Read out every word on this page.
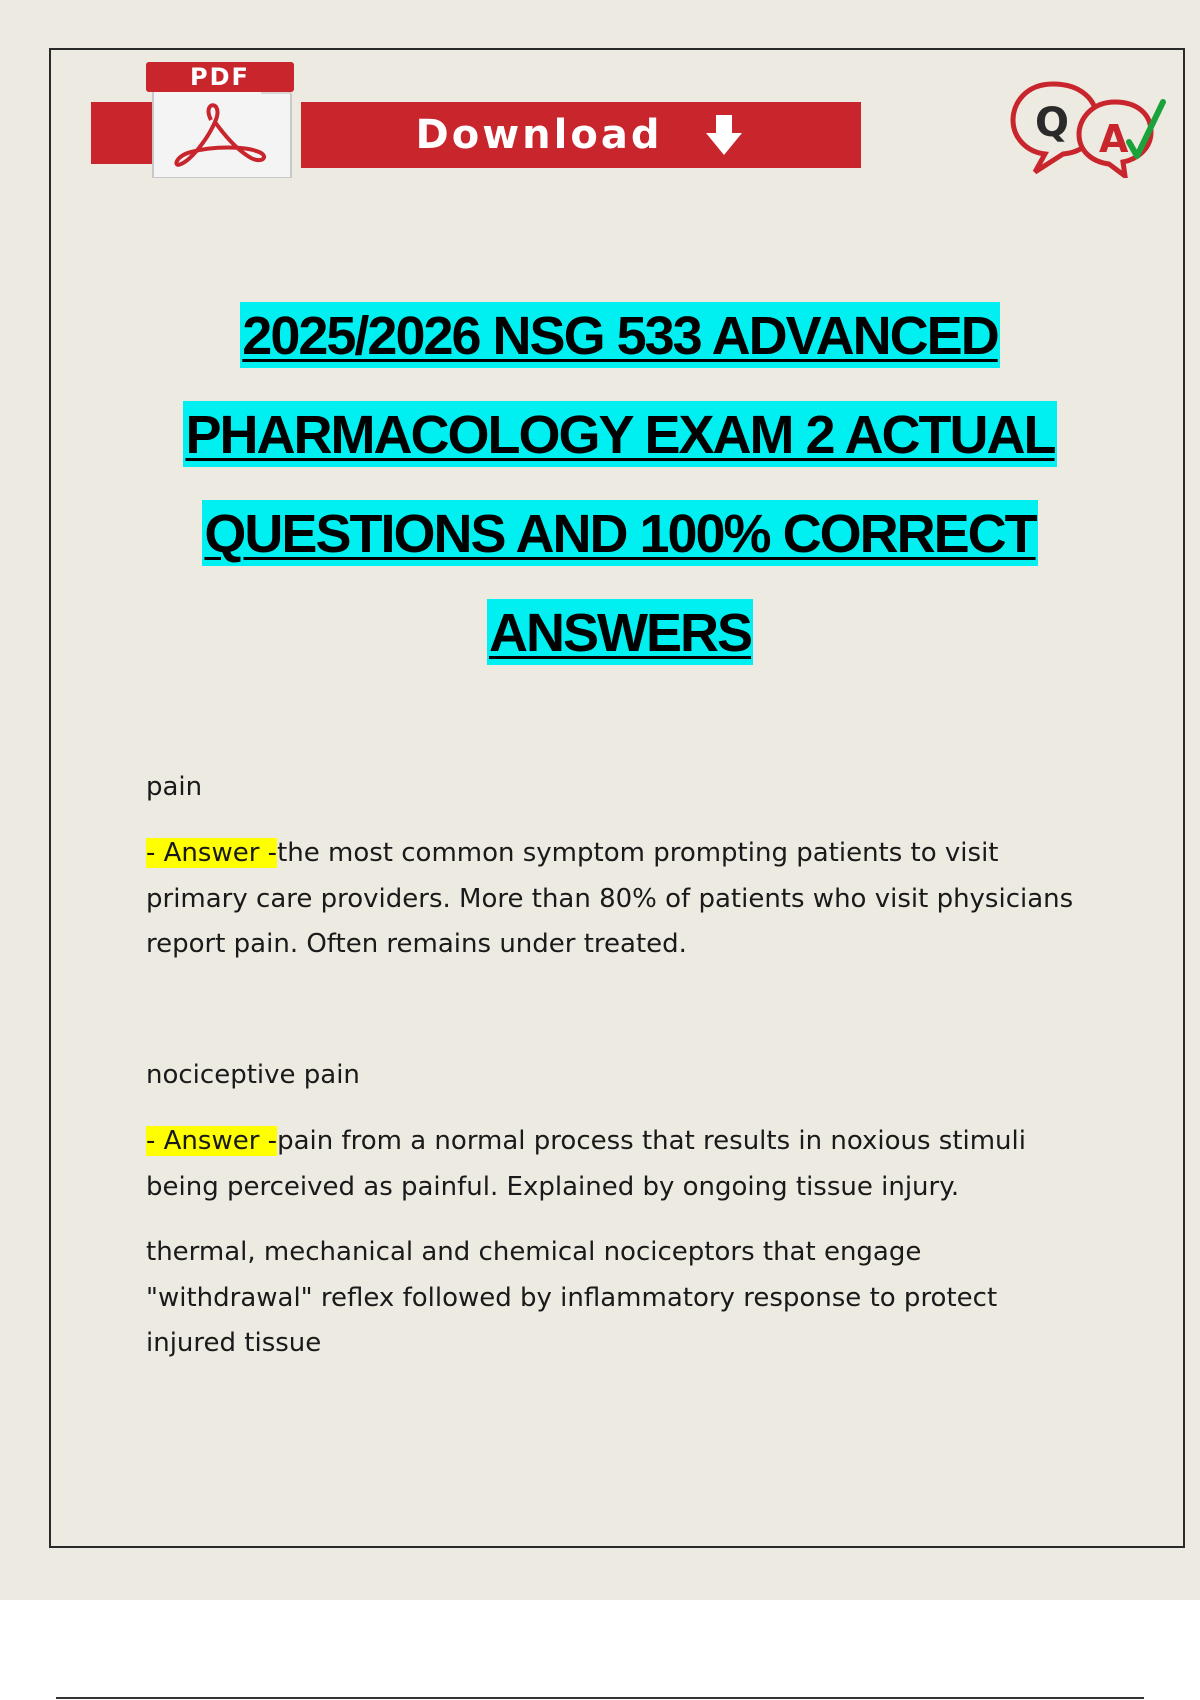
Download
PDF
Q A
2025/2026 NSG 533 ADVANCED
PHARMACOLOGY EXAM 2 ACTUAL
QUESTIONS AND 100% CORRECT
ANSWERS
pain
- Answer -the most common symptom prompting patients to visit
primary care providers. More than 80% of patients who visit physicians
report pain. Often remains under treated.
nociceptive pain
- Answer -pain from a normal process that results in noxious stimuli
being perceived as painful. Explained by ongoing tissue injury.
thermal, mechanical and chemical nociceptors that engage
"withdrawal" reflex followed by inflammatory response to protect
injured tissue
